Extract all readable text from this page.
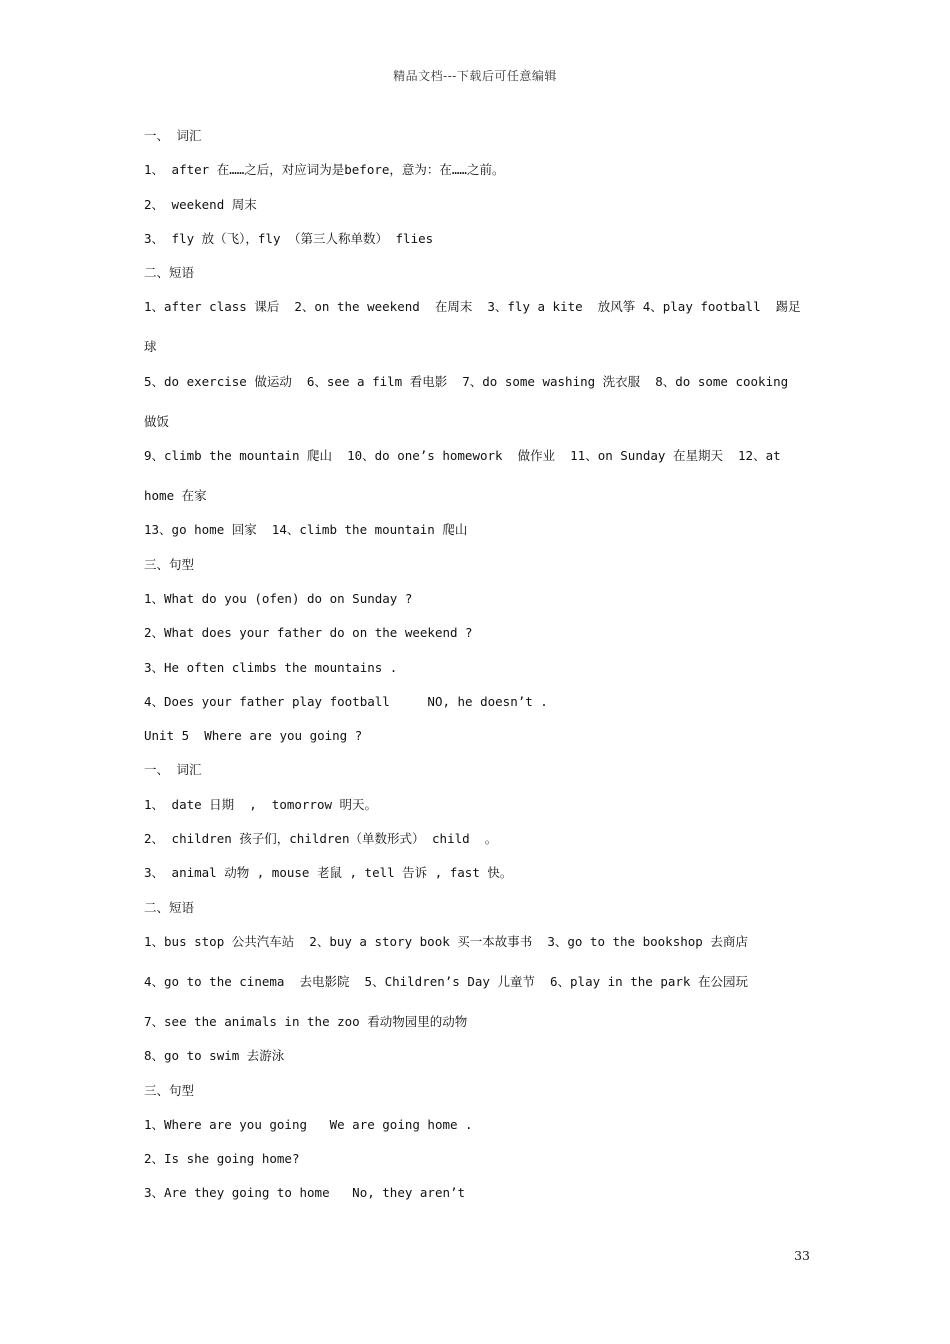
精品文档---下载后可任意编辑
一、 词汇
1、 after 在……之后，对应词为是before，意为：在……之前。
2、 weekend 周末
3、 fly 放（飞），fly （第三人称单数） flies
二、短语
1、after class 课后  2、on the weekend  在周末  3、fly a kite  放风筝 4、play football  踢足
球
5、do exercise 做运动  6、see a film 看电影  7、do some washing 洗衣服  8、do some cooking
做饭
9、climb the mountain 爬山  10、do one’s homework  做作业  11、on Sunday 在星期天  12、at
home 在家
13、go home 回家  14、climb the mountain 爬山
三、句型
1、What do you (ofen) do on Sunday ?
2、What does your father do on the weekend ?
3、He often climbs the mountains .
4、Does your father play football     NO, he doesn’t .
Unit 5  Where are you going ?
一、 词汇
1、 date 日期  ,  tomorrow 明天。
2、 children 孩子们，children（单数形式） child  。
3、 animal 动物 , mouse 老鼠 , tell 告诉 , fast 快。
二、短语
1、bus stop 公共汽车站  2、buy a story book 买一本故事书  3、go to the bookshop 去商店
4、go to the cinema  去电影院  5、Children’s Day 儿童节  6、play in the park 在公园玩
7、see the animals in the zoo 看动物园里的动物
8、go to swim 去游泳
三、句型
1、Where are you going   We are going home .
2、Is she going home?
3、Are they going to home   No, they aren’t
33
